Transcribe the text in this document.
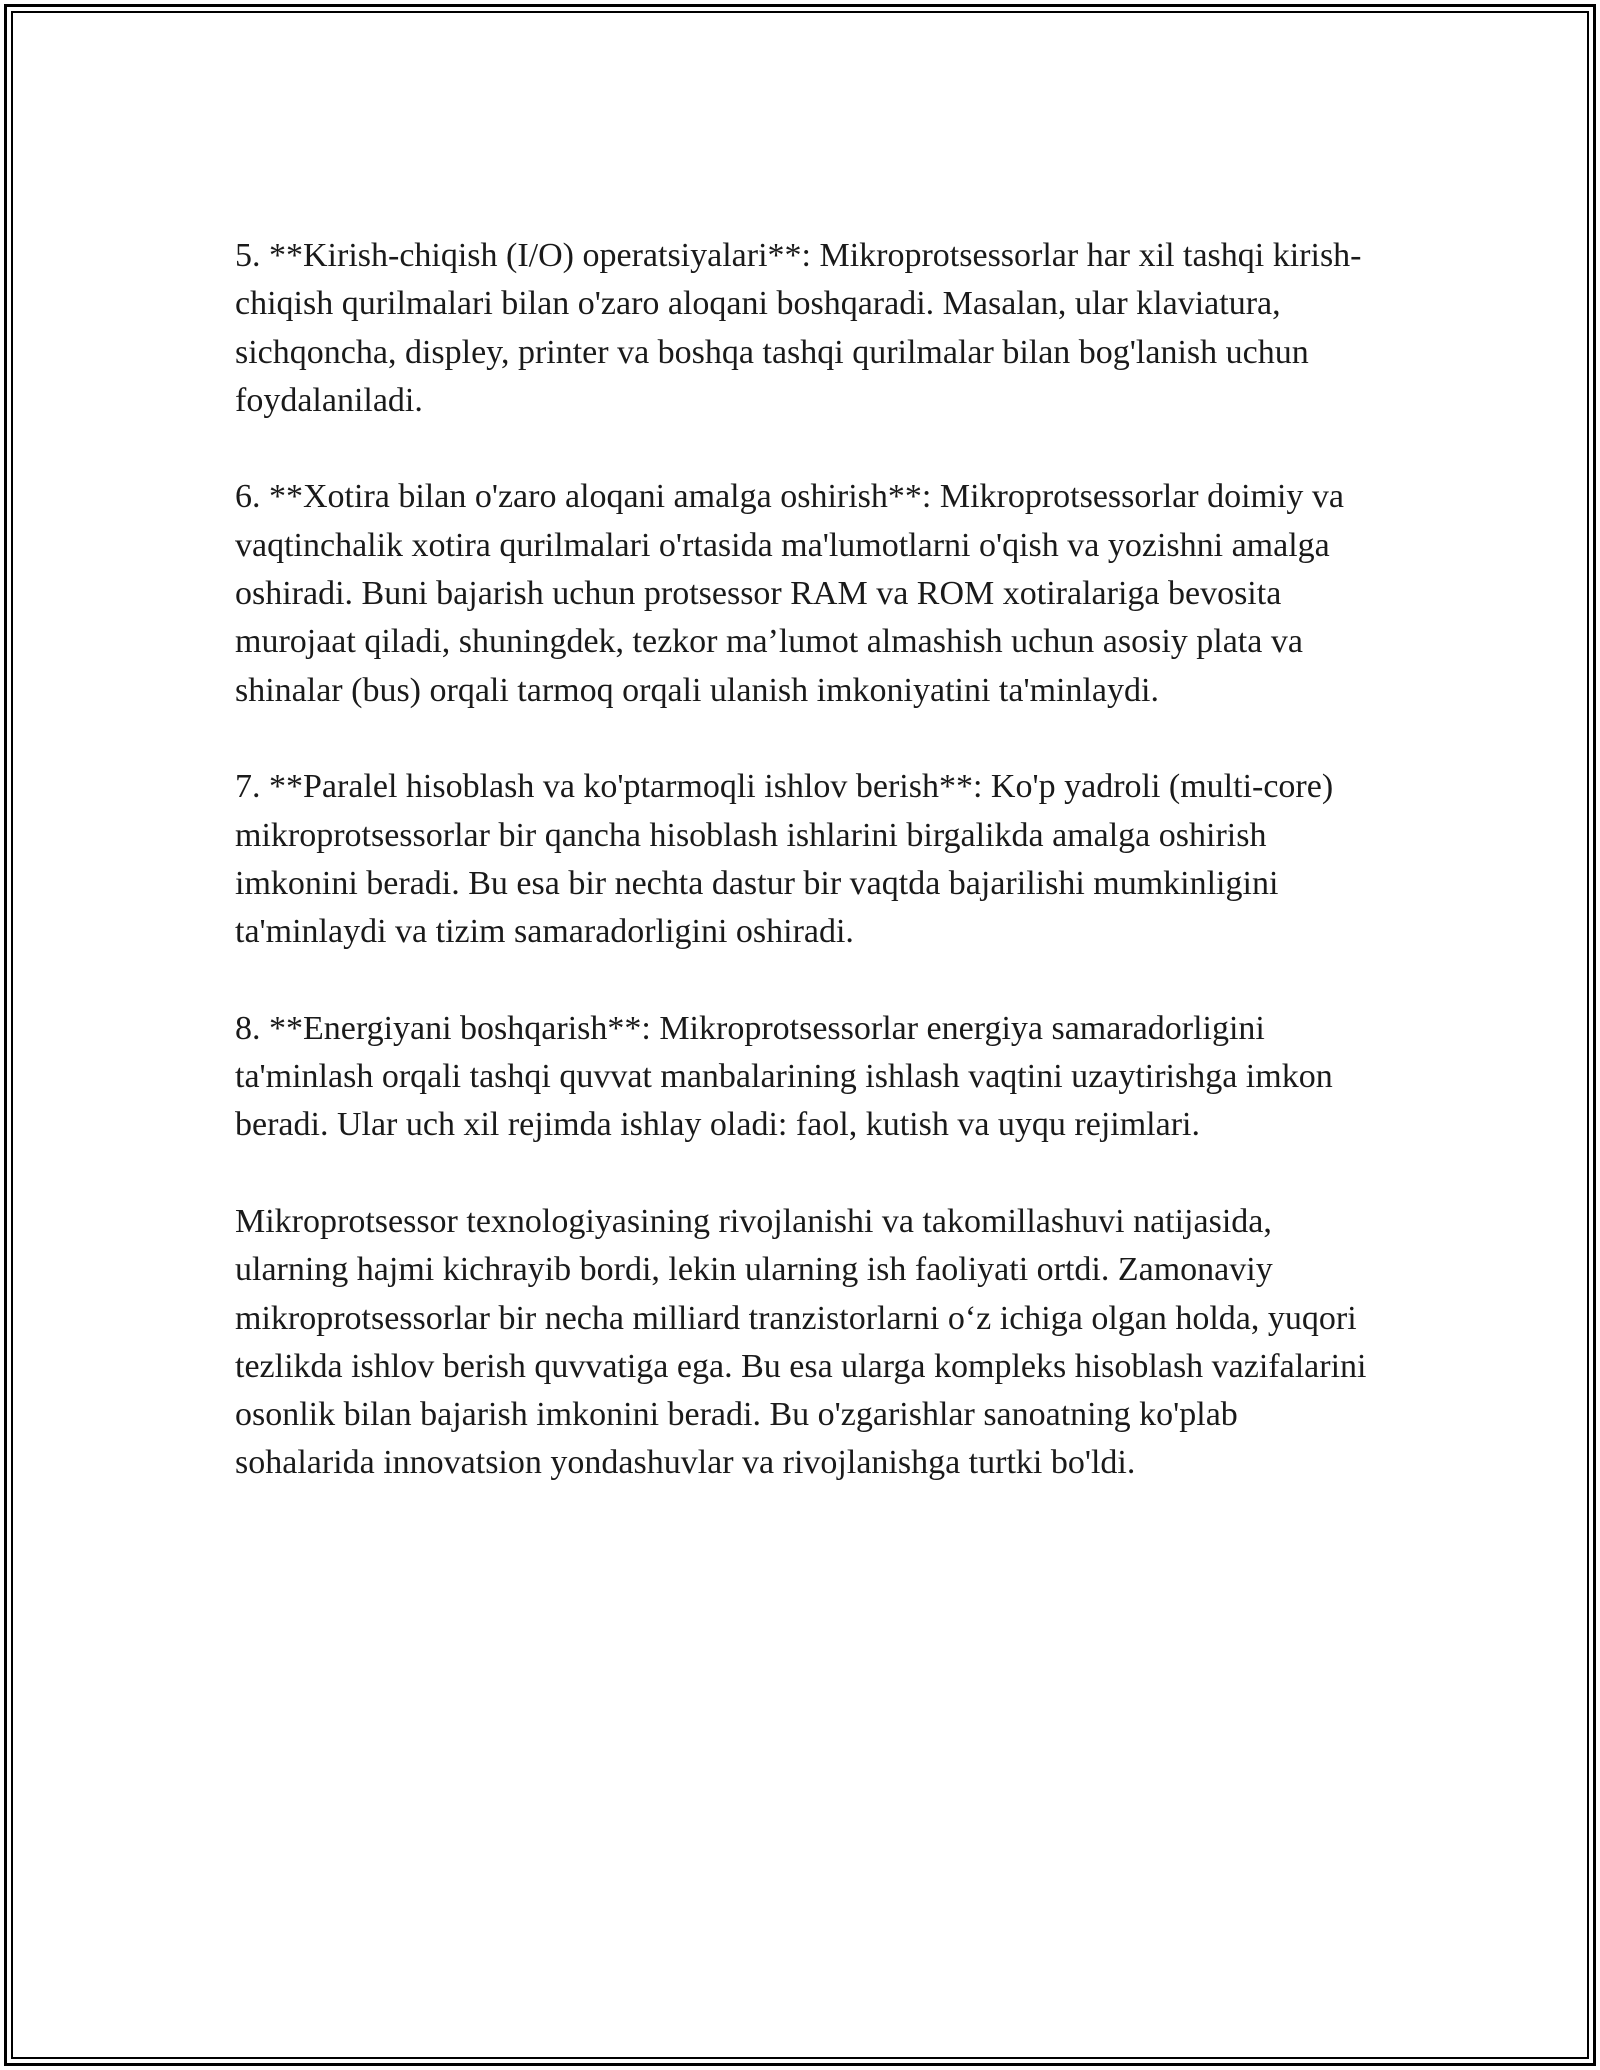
5. **Kirish-chiqish (I/O) operatsiyalari**: Mikroprotsessorlar har xil tashqi kirish-chiqish qurilmalari bilan o'zaro aloqani boshqaradi. Masalan, ular klaviatura, sichqoncha, displey, printer va boshqa tashqi qurilmalar bilan bog'lanish uchun foydalaniladi.

6. **Xotira bilan o'zaro aloqani amalga oshirish**: Mikroprotsessorlar doimiy va vaqtinchalik xotira qurilmalari o'rtasida ma'lumotlarni o'qish va yozishni amalga oshiradi. Buni bajarish uchun protsessor RAM va ROM xotiralariga bevosita murojaat qiladi, shuningdek, tezkor ma’lumot almashish uchun asosiy plata va shinalar (bus) orqali tarmoq orqali ulanish imkoniyatini ta'minlaydi.

7. **Paralel hisoblash va ko'ptarmoqli ishlov berish**: Ko'p yadroli (multi-core) mikroprotsessorlar bir qancha hisoblash ishlarini birgalikda amalga oshirish imkonini beradi. Bu esa bir nechta dastur bir vaqtda bajarilishi mumkinligini ta'minlaydi va tizim samaradorligini oshiradi.

8. **Energiyani boshqarish**: Mikroprotsessorlar energiya samaradorligini ta'minlash orqali tashqi quvvat manbalarining ishlash vaqtini uzaytirishga imkon beradi. Ular uch xil rejimda ishlay oladi: faol, kutish va uyqu rejimlari.

Mikroprotsessor texnologiyasining rivojlanishi va takomillashuvi natijasida, ularning hajmi kichrayib bordi, lekin ularning ish faoliyati ortdi. Zamonaviy mikroprotsessorlar bir necha milliard tranzistorlarni o‘z ichiga olgan holda, yuqori tezlikda ishlov berish quvvatiga ega. Bu esa ularga kompleks hisoblash vazifalarini osonlik bilan bajarish imkonini beradi. Bu o'zgarishlar sanoatning ko'plab sohalarida innovatsion yondashuvlar va rivojlanishga turtki bo'ldi.
